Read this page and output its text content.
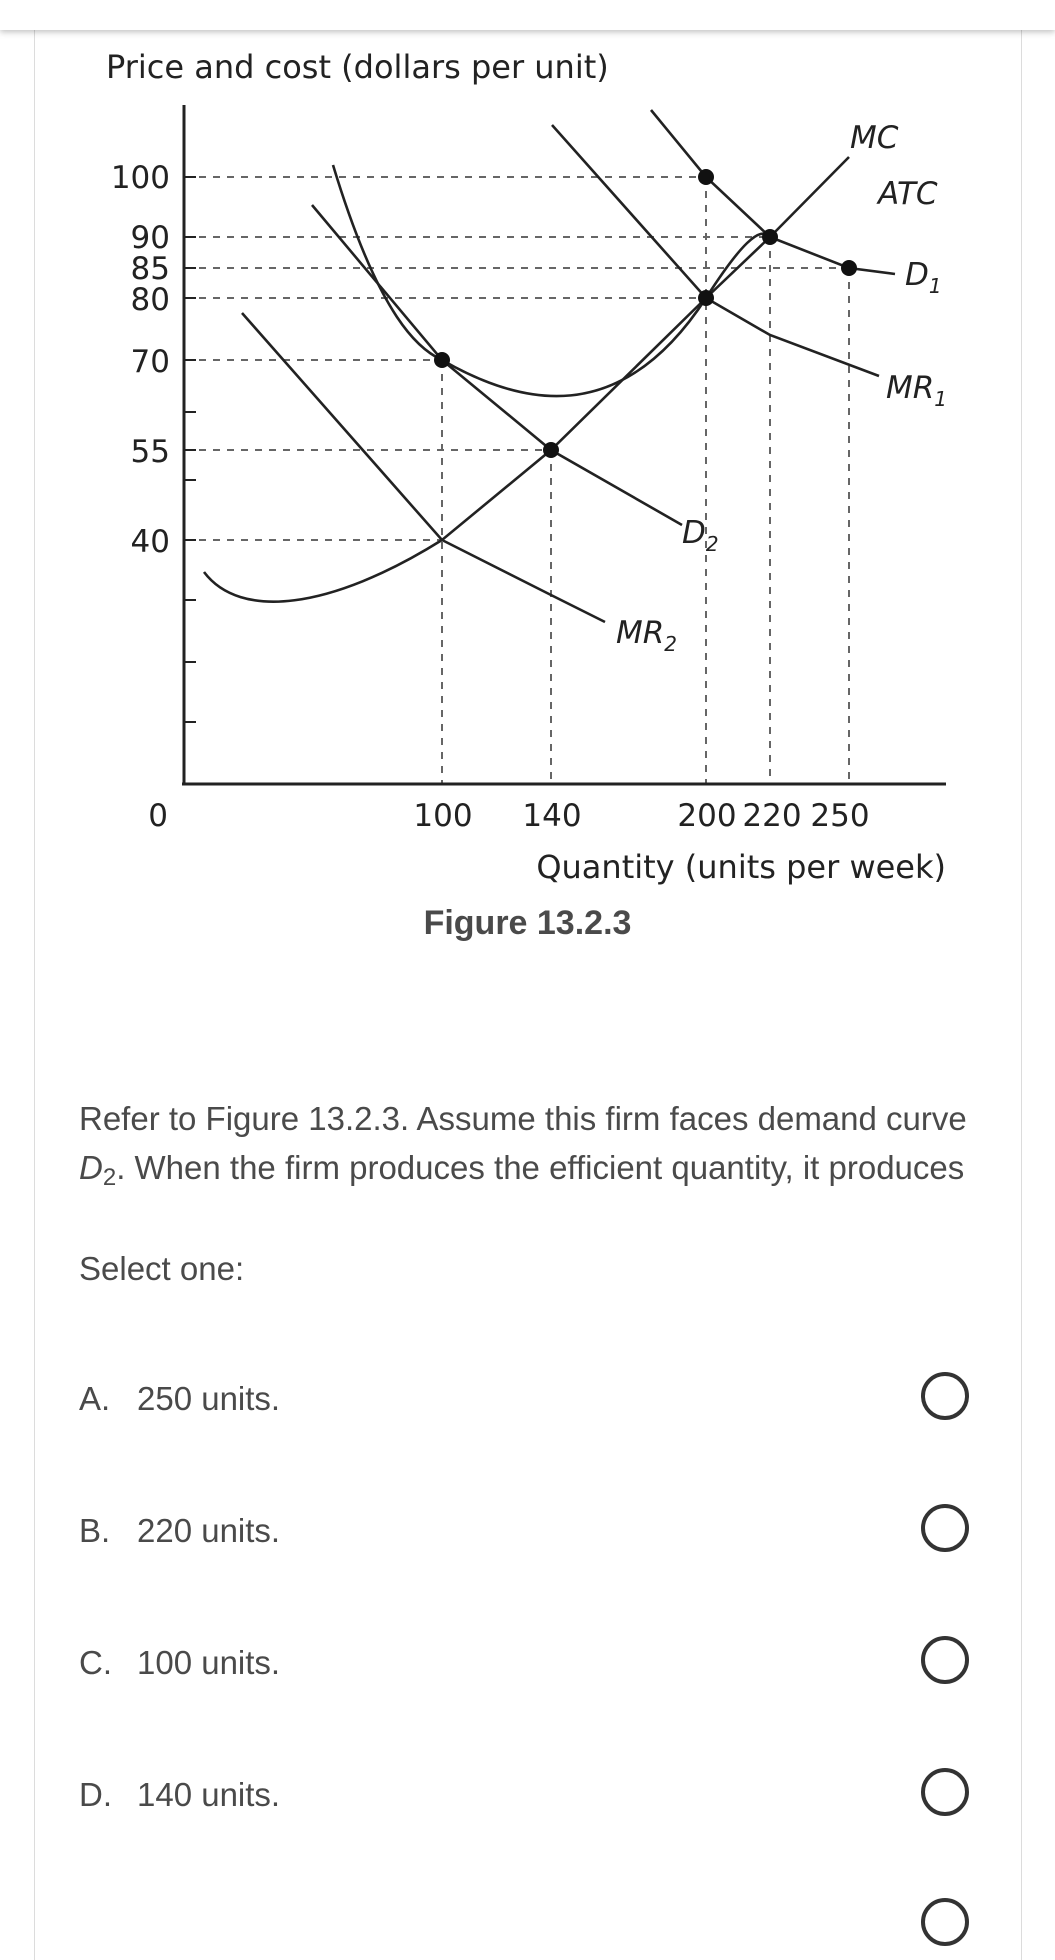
Price and cost (dollars per unit)
100
90
85
80
70
55
40
0	100 140	200 220 250
Quantity (units per week)
MC
ATC
$D_1$
$MR_1$
$D_2$
$MR_2$
Figure 13.2.3
Refer to Figure 13.2.3. Assume this firm faces demand curve $D_2$. When the firm produces the efficient quantity, it produces
Select one:
A. 250 units.
B. 220 units.
C. 100 units.
D. 140 units.
